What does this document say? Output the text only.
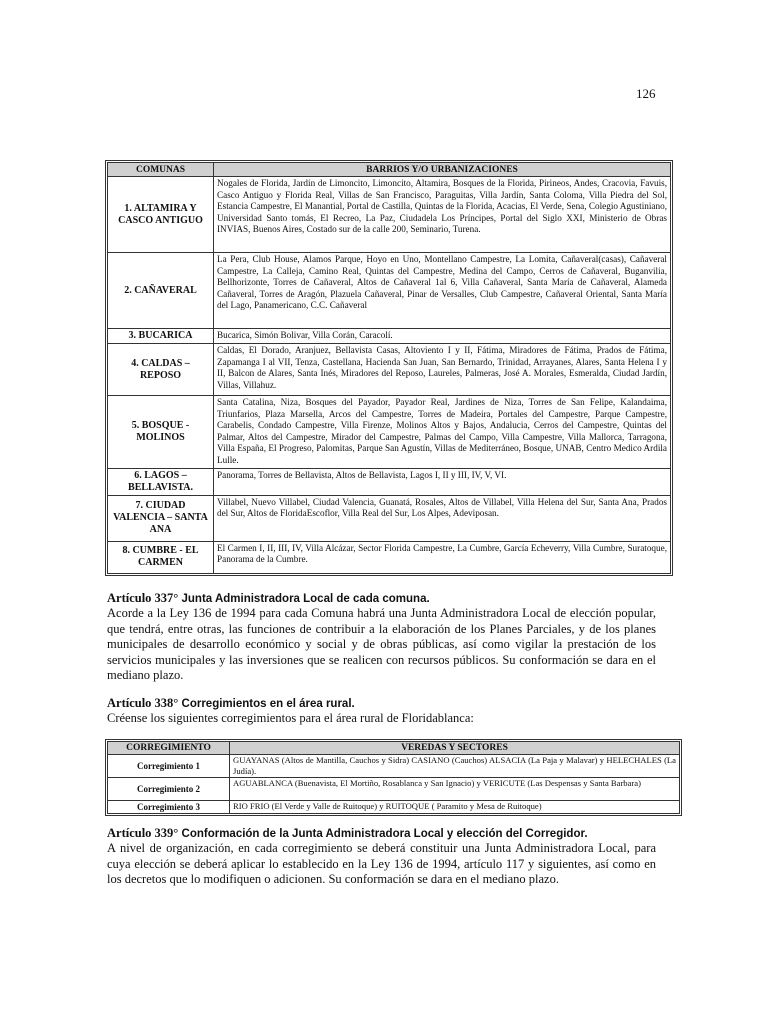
126
COMUNAS	BARRIOS Y/O URBANIZACIONES
1. ALTAMIRA Y CASCO ANTIGUO	Nogales de Florida, Jardín de Limoncito, Limoncito, Altamira, Bosques de la Florida, Pirineos, Andes, Cracovia, Favuis, Casco Antiguo y Florida Real, Villas de San Francisco, Paraguitas, Villa Jardín, Santa Coloma, Villa Piedra del Sol, Estancia Campestre, El Manantial, Portal de Castilla, Quintas de la Florida, Acacias, El Verde, Sena, Colegio Agustiniano, Universidad Santo tomás, El Recreo, La Paz, Ciudadela Los Príncipes, Portal del Siglo XXI, Ministerio de Obras INVIAS, Buenos Aires, Costado sur de la calle 200, Seminario, Turena.
2. CAÑAVERAL	La Pera, Club House, Alamos Parque, Hoyo en Uno, Montellano Campestre, La Lomita, Cañaveral(casas), Cañaveral Campestre, La Calleja, Camino Real, Quintas del Campestre, Medina del Campo, Cerros de Cañaveral, Buganvilia, Bellhorizonte, Torres de Cañaveral, Altos de Cañaveral 1al 6, Villa Cañaveral, Santa María de Cañaveral, Alameda Cañaveral, Torres de Aragón, Plazuela Cañaveral, Pinar de Versalles, Club Campestre, Cañaveral Oriental, Santa María del Lago, Panamericano, C.C. Cañaveral
3. BUCARICA	Bucarica, Simón Bolivar, Villa Corán, Caracolí.
4. CALDAS – REPOSO	Caldas, El Dorado, Aranjuez, Bellavista Casas, Altoviento I y II, Fátima, Miradores de Fátima, Prados de Fátima, Zapamanga I al VII, Tenza, Castellana, Hacienda San Juan, San Bernardo, Trinidad, Arrayanes, Alares, Santa Helena I y II, Balcon de Alares, Santa Inés, Miradores del Reposo, Laureles, Palmeras, José A. Morales, Esmeralda, Ciudad Jardín, Villas, Villahuz.
5. BOSQUE - MOLINOS	Santa Catalina, Niza, Bosques del Payador, Payador Real, Jardines de Niza, Torres de San Felipe, Kalandaima, Triunfarios, Plaza Marsella, Arcos del Campestre, Torres de Madeira, Portales del Campestre, Parque Campestre, Carabelis, Condado Campestre, Villa Firenze, Molinos Altos y Bajos, Andalucia, Cerros del Campestre, Quintas del Palmar, Altos del Campestre, Mirador del Campestre, Palmas del Campo, Villa Campestre, Villa Mallorca, Tarragona, Villa España, El Progreso, Palomitas, Parque San Agustín, Villas de Mediterráneo, Bosque, UNAB, Centro Medico Ardila Lulle.
6. LAGOS – BELLAVISTA.	Panorama, Torres de Bellavista, Altos de Bellavista, Lagos I, II y III, IV, V, VI.
7. CIUDAD VALENCIA – SANTA ANA	Villabel, Nuevo Villabel, Ciudad Valencia, Guanatá, Rosales, Altos de Villabel, Villa Helena del Sur, Santa Ana, Prados del Sur, Altos de FloridaEscoflor, Villa Real del Sur, Los Alpes, Adeviposan.
8. CUMBRE - EL CARMEN	El Carmen I, II, III, IV, Villa Alcázar, Sector Florida Campestre, La Cumbre, García Echeverry, Villa Cumbre, Suratoque, Panorama de la Cumbre.
Artículo 337° Junta Administradora Local de cada comuna.
Acorde a la Ley 136 de 1994 para cada Comuna habrá una Junta Administradora Local de elección popular, que tendrá, entre otras, las funciones de contribuir a la elaboración de los Planes Parciales, y de los planes municipales de desarrollo económico y social y de obras públicas, así como vigilar la prestación de los servicios municipales y las inversiones que se realicen con recursos públicos. Su conformación se dara en el mediano plazo.
Artículo 338° Corregimientos en el área rural.
Créense los siguientes corregimientos para el área rural de Floridablanca:
CORREGIMIENTO	VEREDAS Y SECTORES
Corregimiento 1	GUAYANAS (Altos de Mantilla, Cauchos y Sidra) CASIANO (Cauchos) ALSACIA (La Paja y Malavar) y HELECHALES (La Judía).
Corregimiento 2	AGUABLANCA (Buenavista, El Mortiño, Rosablanca y San Ignacio) y VERICUTE (Las Despensas y Santa Barbara)
Corregimiento 3	RIO FRIO (El Verde y Valle de Ruitoque) y RUITOQUE ( Paramito y Mesa de Ruitoque)
Artículo 339° Conformación de la Junta Administradora Local y elección del Corregidor.
A nivel de organización, en cada corregimiento se deberá constituir una Junta Administradora Local, para cuya elección se deberá aplicar lo establecido en la Ley 136 de 1994, artículo 117 y siguientes, así como en los decretos que lo modifiquen o adicionen. Su conformación se dara en el mediano plazo.
